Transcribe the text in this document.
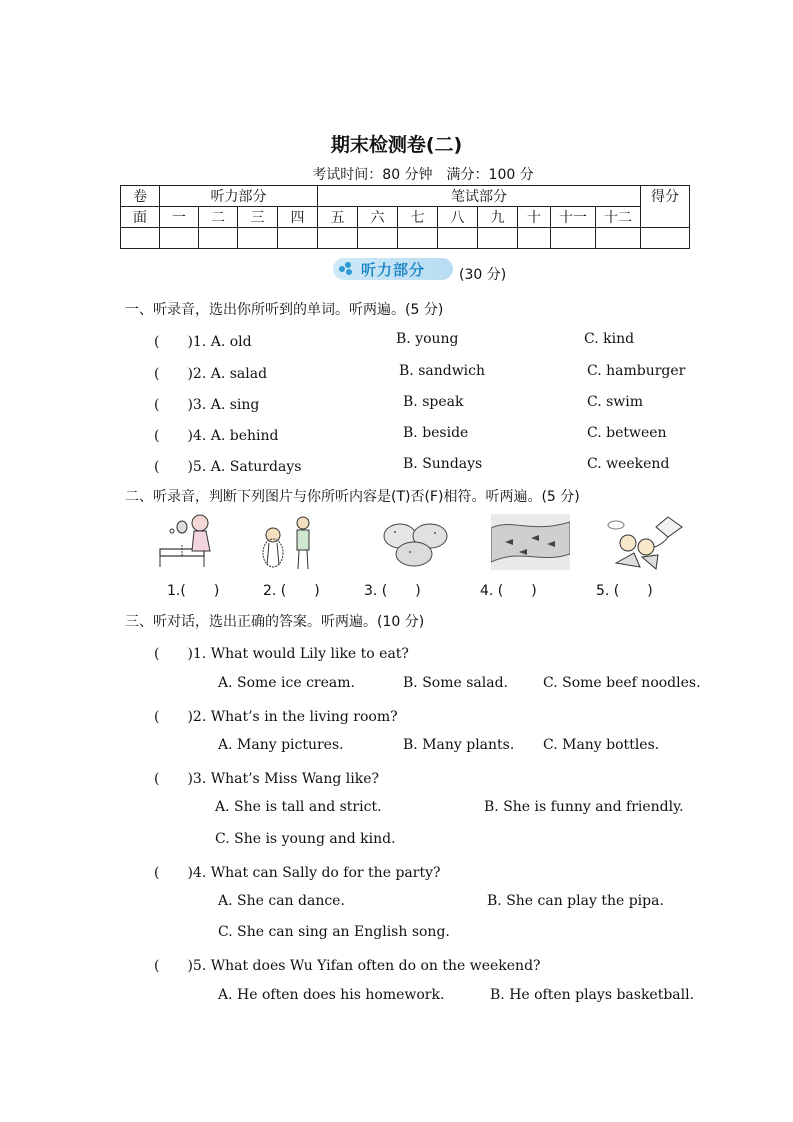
期末检测卷(二)
考试时间：80 分钟　满分：100 分
卷	听力部分				笔试部分								得分
面	一	二	三	四	五	六	七	八	九	十	十一	十二	

听力部分 (30 分)
一、听录音，选出你所听到的单词。听两遍。(5 分)
(　　)1. A. old	B. young	C. kind
(　　)2. A. salad	B. sandwich	C. hamburger
(　　)3. A. sing	B. speak	C. swim
(　　)4. A. behind	B. beside	C. between
(　　)5. A. Saturdays	B. Sundays	C. weekend
二、听录音，判断下列图片与你所听内容是(T)否(F)相符。听两遍。(5 分)
1.(　　)	2. (　　)	3. (　　)	4. (　　)	5. (　　)
三、听对话，选出正确的答案。听两遍。(10 分)
(　　)1. What would Lily like to eat?
A. Some ice cream.	B. Some salad.	C. Some beef noodles.
(　　)2. What’s in the living room?
A. Many pictures.	B. Many plants. C. Many bottles.
(　　)3. What’s Miss Wang like?
A. She is tall and strict.	B. She is funny and friendly.
C. She is young and kind.
(　　)4. What can Sally do for the party?
A. She can dance.	B. She can play the pipa.
C. She can sing an English song.
(　　)5. What does Wu Yifan often do on the weekend?
A. He often does his homework.	B. He often plays basketball.
